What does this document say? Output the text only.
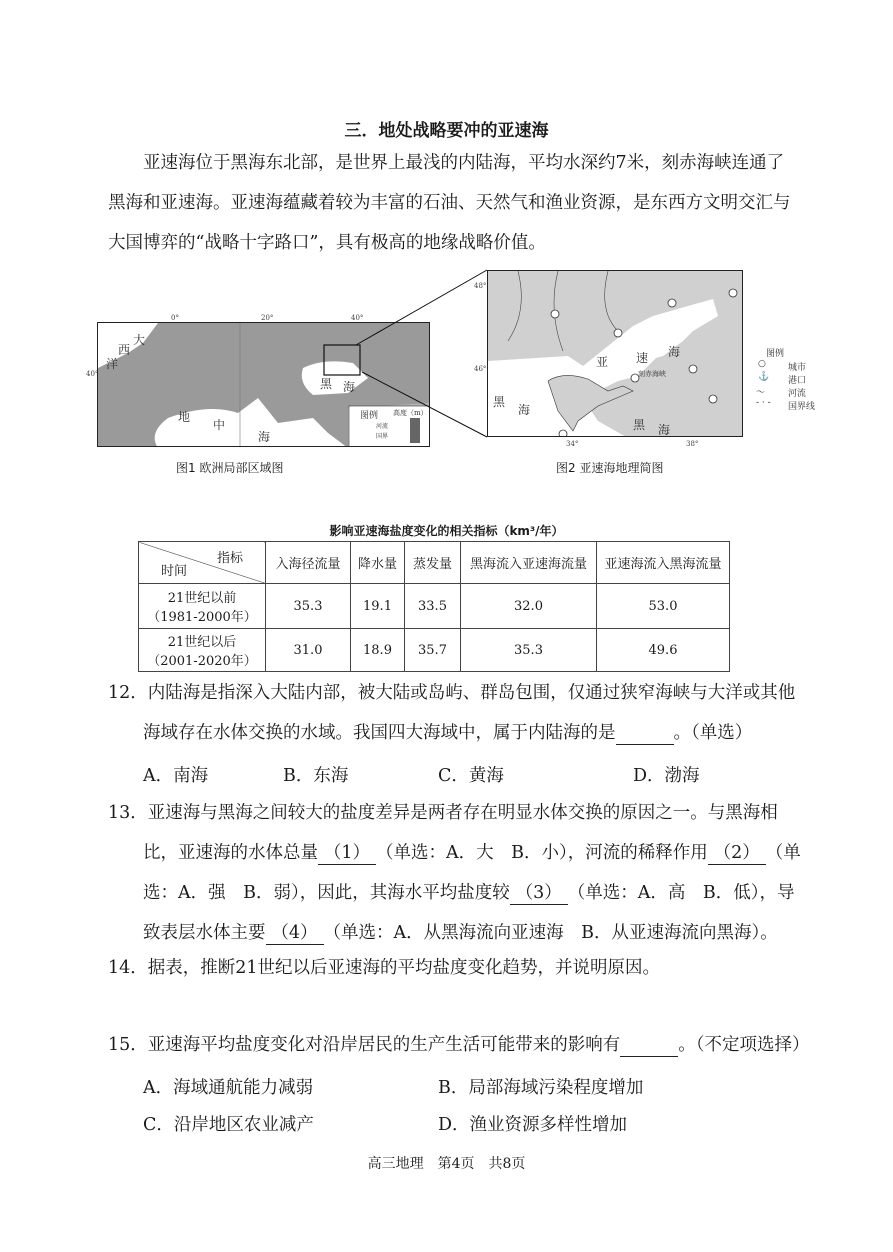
三．地处战略要冲的亚速海
亚速海位于黑海东北部，是世界上最浅的内陆海，平均水深约7米，刻赤海峡连通了
黑海和亚速海。亚速海蕴藏着较为丰富的石油、天然气和渔业资源，是东西方文明交汇与
大国博弈的“战略十字路口”，具有极高的地缘战略价值。
大
西
洋
地
中
海
黑 海
图例 高度（m）
河流
国界
0°	20°	40°
40°
图1 欧洲局部区域图
亚 速 海
黑
海
黑 海
刻赤海峡
48°
46°
34°	38°
图例
○ 城市
⚓ 港口
〜	河流
- · - 国界线
图2 亚速海地理简图
影响亚速海盐度变化的相关指标（km³/年）
指标
时间	入海径流量	降水量	蒸发量	黑海流入亚速海流量	亚速海流入黑海流量

21世纪以前
（1981-2000年）	35.3	19.1	33.5	32.0	53.0

21世纪以后
（2001-2020年）	31.0	18.9	35.7	35.3	49.6
12．内陆海是指深入大陆内部，被大陆或岛屿、群岛包围，仅通过狭窄海峡与大洋或其他
海域存在水体交换的水域。我国四大海域中，属于内陆海的是	。（单选）
A．南海	B．东海	C．黄海	D．渤海
13．亚速海与黑海之间较大的盐度差异是两者存在明显水体交换的原因之一。与黑海相
比，亚速海的水体总量 （1） （单选：A．大　B．小），河流的稀释作用 （2） （单
选：A．强　B．弱），因此，其海水平均盐度较 （3） （单选：A．高　B．低），导
致表层水体主要 （4） （单选：A．从黑海流向亚速海　B．从亚速海流向黑海）。
14．据表，推断21世纪以后亚速海的平均盐度变化趋势，并说明原因。
15．亚速海平均盐度变化对沿岸居民的生产生活可能带来的影响有	。（不定项选择）
A．海域通航能力减弱	B．局部海域污染程度增加
C．沿岸地区农业减产	D．渔业资源多样性增加
高三地理　第4页　共8页
